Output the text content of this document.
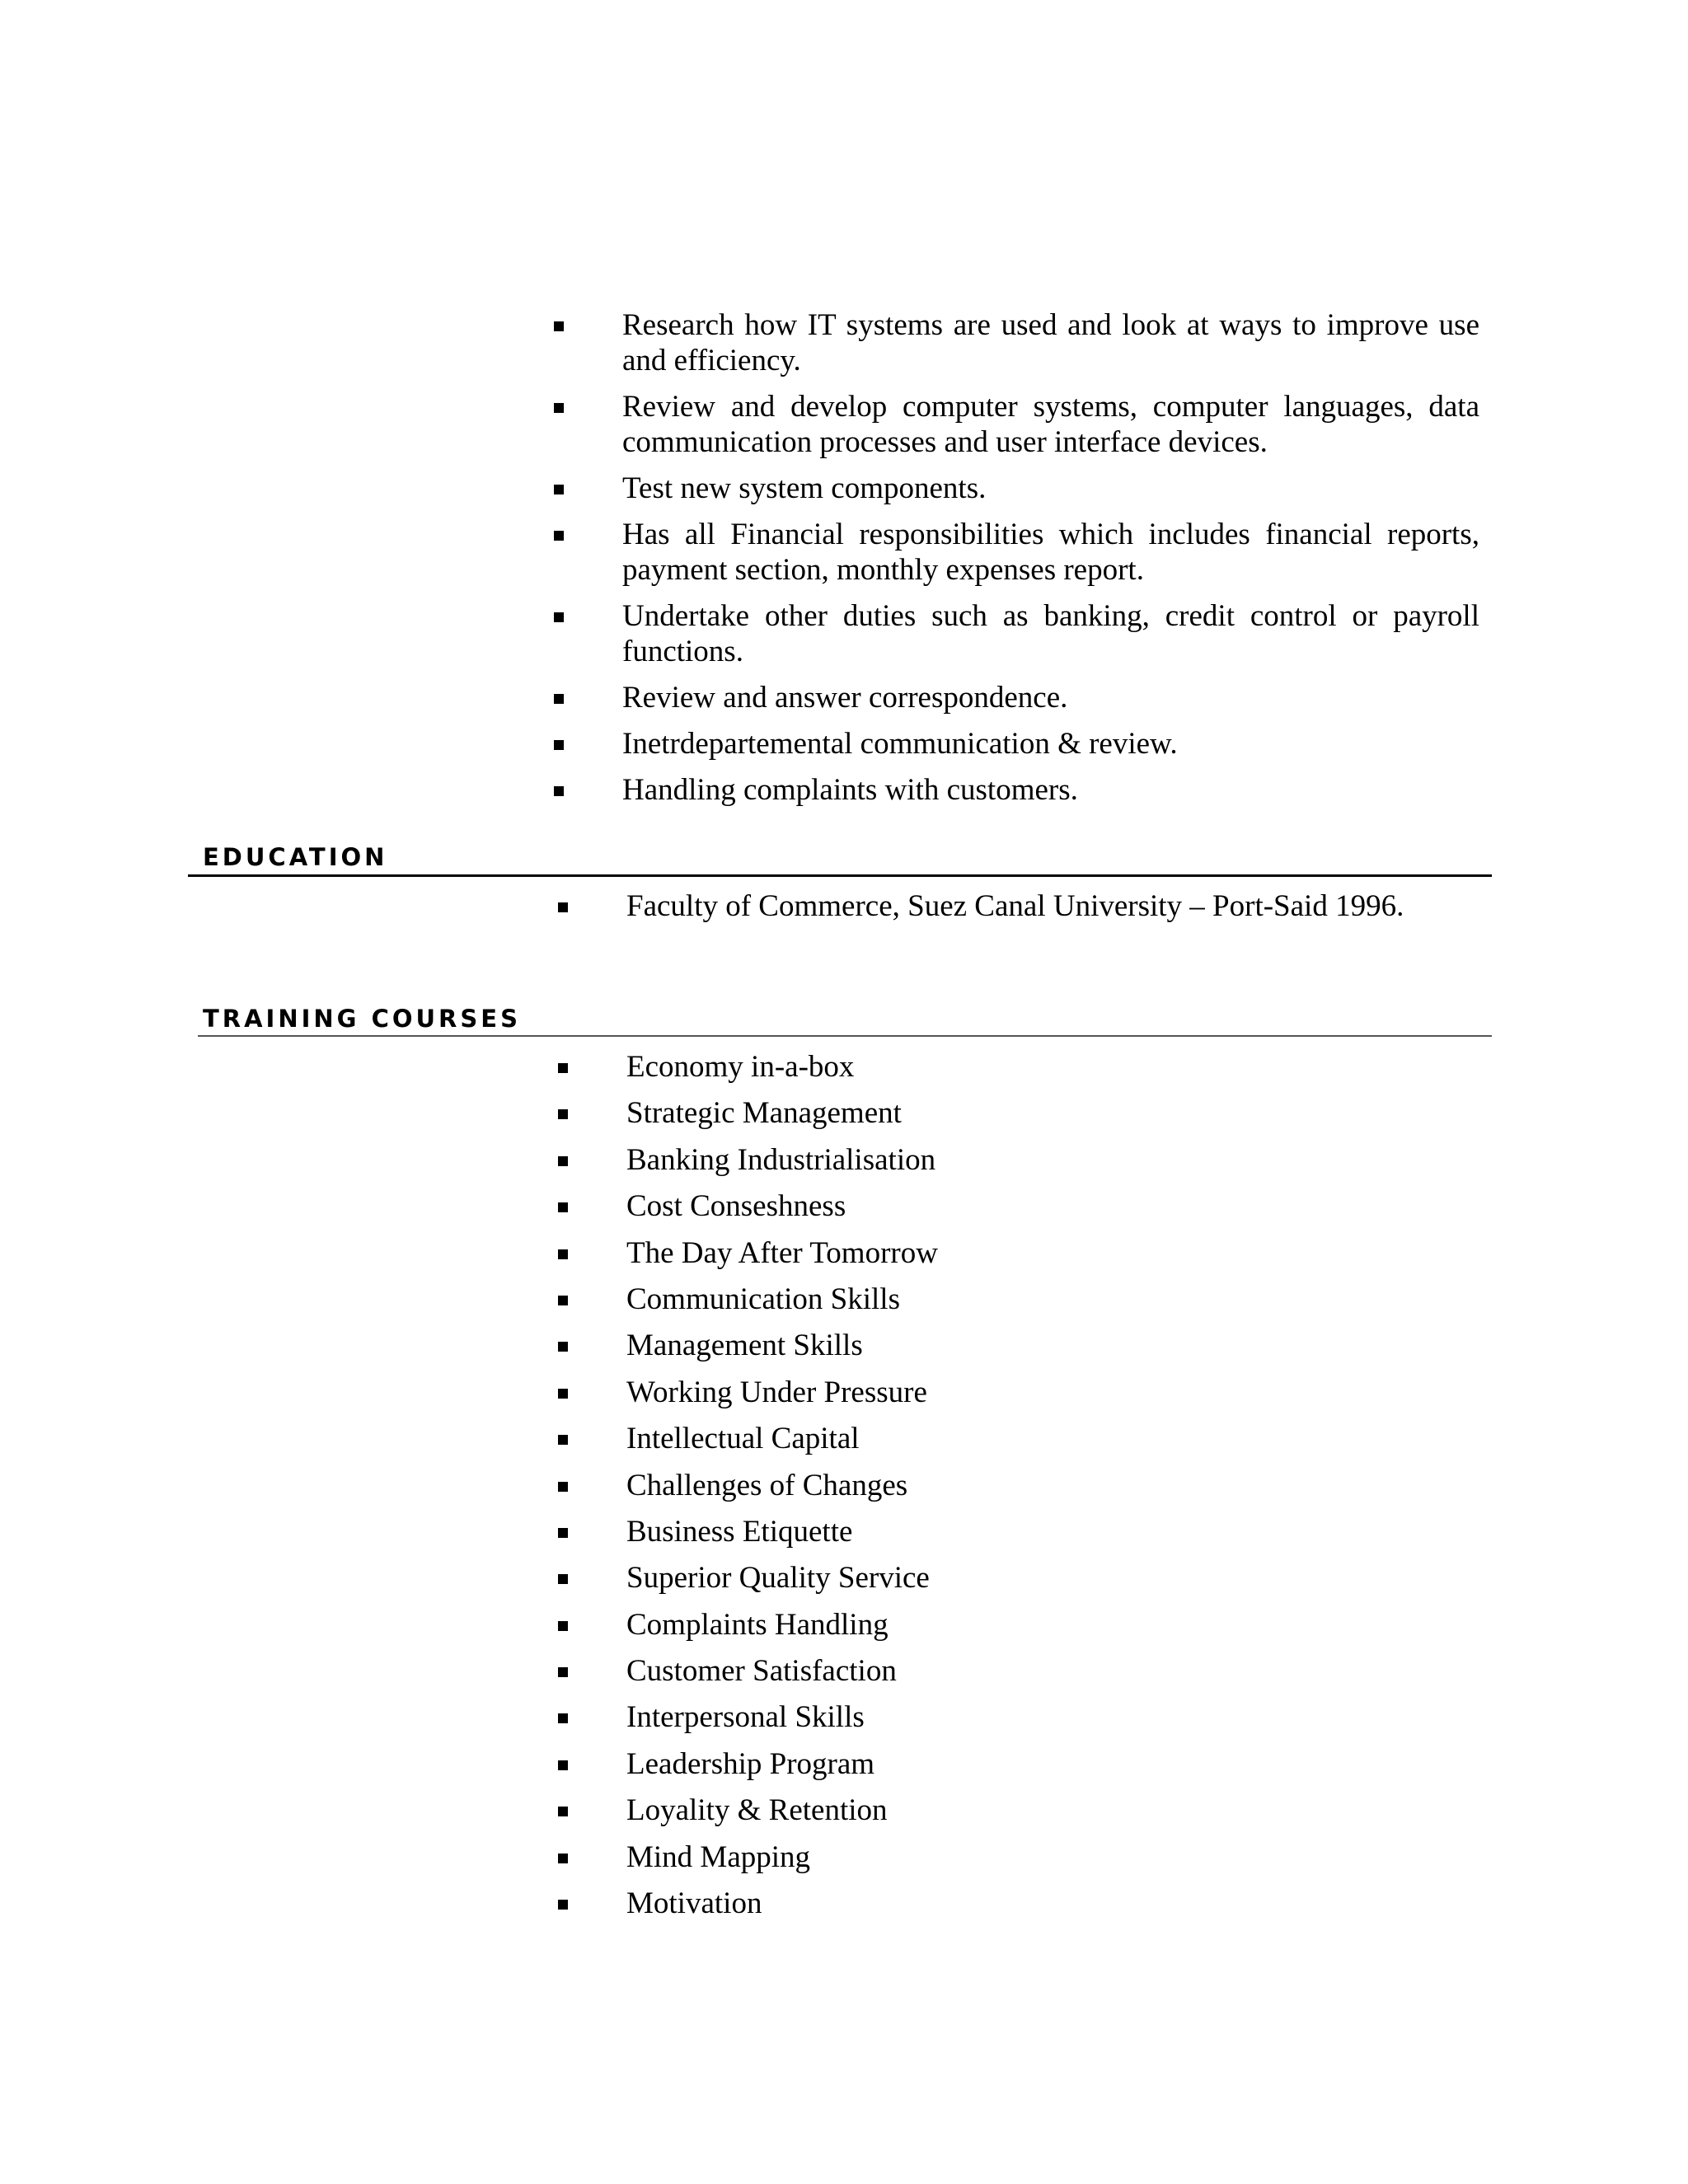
Research how IT systems are used and look at ways to improve use and efficiency.
Review and develop computer systems, computer languages, data communication processes and user interface devices.
Test new system components.
Has all Financial responsibilities which includes financial reports, payment section, monthly expenses report.
Undertake other duties such as banking, credit control or payroll functions.
Review and answer correspondence.
Inetrdepartemental communication & review.
Handling complaints with customers.
EDUCATION
Faculty of Commerce, Suez Canal University – Port-Said 1996.
TRAINING COURSES
Economy in-a-box
Strategic Management
Banking Industrialisation
Cost Conseshness
The Day After Tomorrow
Communication Skills
Management Skills
Working Under Pressure
Intellectual Capital
Challenges of Changes
Business Etiquette
Superior Quality Service
Complaints Handling
Customer Satisfaction
Interpersonal Skills
Leadership Program
Loyality & Retention
Mind Mapping
Motivation
